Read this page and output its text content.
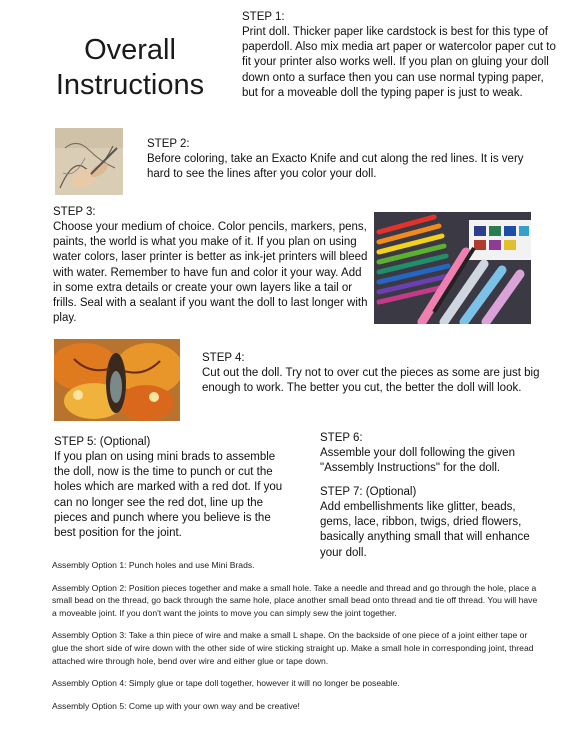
Overall Instructions

STEP 1:

Print doll. Thicker paper like cardstock is best for this type of paperdoll. Also mix media art paper or watercolor paper cut to fit your printer also works well. If you plan on gluing your doll down onto a surface then you can use normal typing paper, but for a moveable doll the typing paper is just to weak.

STEP 2:

Before coloring, take an Exacto Knife and cut along the red lines. It is very hard to see the lines after you color your doll.

STEP 3:

Choose your medium of choice. Color pencils, markers, pens, paints, the world is what you make of it. If you plan on using water colors, laser printer is better as ink-jet printers will bleed with water. Remember to have fun and color it your way. Add in some extra details or create your own layers like a tail or frills. Seal with a sealant if you want the doll to last longer with play.

STEP 4:

Cut out the doll. Try not to over cut the pieces as some are just big enough to work. The better you cut, the better the doll will look.

STEP 5: (Optional)

If you plan on using mini brads to assemble the doll, now is the time to punch or cut the holes which are marked with a red dot. If you can no longer see the red dot, line up the pieces and punch where you believe is the best position for the joint.

STEP 6:

Assemble your doll following the given "Assembly Instructions" for the doll.

STEP 7: (Optional)

Add embellishments like glitter, beads, gems, lace, ribbon, twigs, dried flowers, basically anything small that will enhance your doll.

Assembly Option 1: Punch holes and use Mini Brads.

Assembly Option 2: Position pieces together and make a small hole. Take a needle and thread and go through the hole, place a small bead on the thread, go back through the same hole, place another small bead onto thread and tie off thread. You will have a moveable joint. If you don't want the joints to move you can simply sew the joint together.

Assembly Option 3: Take a thin piece of wire and make a small L shape. On the backside of one piece of a joint either tape or glue the short side of wire down with the other side of wire sticking straight up. Make a small hole in corresponding joint, thread attached wire through hole, bend over wire and either glue or tape down.

Assembly Option 4: Simply glue or tape doll together, however it will no longer be poseable.

Assembly Option 5: Come up with your own way and be creative!
